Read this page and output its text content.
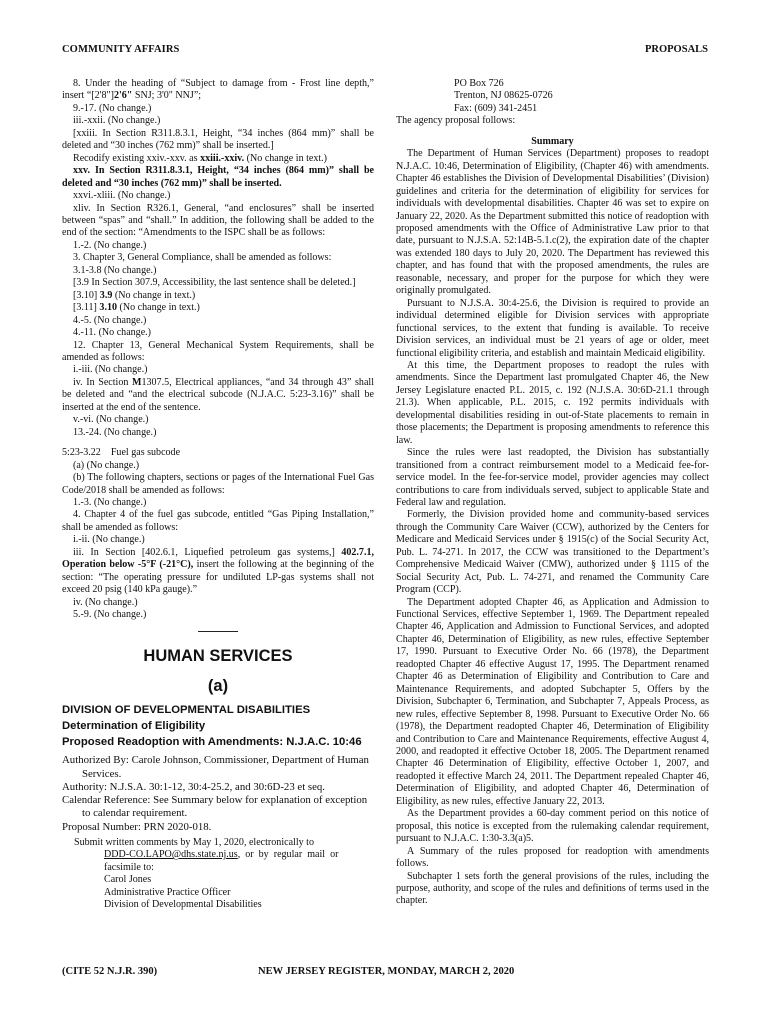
COMMUNITY AFFAIRS	PROPOSALS

8. Under the heading of “Subject to damage from - Frost line depth,” insert “[2'8"]2'6" SNJ; 3'0" NNJ”;

9.-17. (No change.)

iii.-xxii. (No change.)

[xxiii. In Section R311.8.3.1, Height, “34 inches (864 mm)” shall be deleted and “30 inches (762 mm)” shall be inserted.]

Recodify existing xxiv.-xxv. as xxiii.-xxiv. (No change in text.)

xxv. In Section R311.8.3.1, Height, “34 inches (864 mm)” shall be deleted and “30 inches (762 mm)” shall be inserted.

xxvi.-xliii. (No change.)

xliv. In Section R326.1, General, “and enclosures” shall be inserted between “spas” and “shall.” In addition, the following shall be added to the end of the section: “Amendments to the ISPC shall be as follows:

1.-2. (No change.)

3. Chapter 3, General Compliance, shall be amended as follows:

3.1-3.8 (No change.)

[3.9 In Section 307.9, Accessibility, the last sentence shall be deleted.]

[3.10] 3.9 (No change in text.)

[3.11] 3.10 (No change in text.)

4.-5. (No change.)

4.-11. (No change.)

12. Chapter 13, General Mechanical System Requirements, shall be amended as follows:

i.-iii. (No change.)

iv. In Section M1307.5, Electrical appliances, “and 34 through 43” shall be deleted and “and the electrical subcode (N.J.A.C. 5:23-3.16)” shall be inserted at the end of the sentence.

v.-vi. (No change.)

13.-24. (No change.)

5:23-3.22    Fuel gas subcode

(a) (No change.)

(b) The following chapters, sections or pages of the International Fuel Gas Code/2018 shall be amended as follows:

1.-3. (No change.)

4. Chapter 4 of the fuel gas subcode, entitled “Gas Piping Installation,” shall be amended as follows:

i.-ii. (No change.)

iii. In Section [402.6.1, Liquefied petroleum gas systems,] 402.7.1, Operation below -5°F (-21°C), insert the following at the beginning of the section: “The operating pressure for undiluted LP-gas systems shall not exceed 20 psig (140 kPa gauge).”

iv. (No change.)

5.-9. (No change.)

HUMAN SERVICES
(a)

DIVISION OF DEVELOPMENTAL DISABILITIES

Determination of Eligibility

Proposed Readoption with Amendments: N.J.A.C. 10:46

Authorized By: Carole Johnson, Commissioner, Department of Human Services.

Authority: N.J.S.A. 30:1-12, 30:4-25.2, and 30:6D-23 et seq.

Calendar Reference: See Summary below for explanation of exception to calendar requirement.

Proposal Number: PRN 2020-018.

Submit written comments by May 1, 2020, electronically to

DDD-CO.LAPO@dhs.state.nj.us,  or  by  regular  mail  or

facsimile to:

Carol Jones

Administrative Practice Officer

Division of Developmental Disabilities

PO Box 726

Trenton, NJ 08625-0726

Fax: (609) 341-2451

The agency proposal follows:

Summary

The Department of Human Services (Department) proposes to readopt N.J.A.C. 10:46, Determination of Eligibility, (Chapter 46) with amendments. Chapter 46 establishes the Division of Developmental Disabilities’ (Division) guidelines and criteria for the determination of eligibility for services for individuals with developmental disabilities. Chapter 46 was set to expire on January 22, 2020. As the Department submitted this notice of readoption with proposed amendments with the Office of Administrative Law prior to that date, pursuant to N.J.S.A. 52:14B-5.1.c(2), the expiration date of the chapter was extended 180 days to July 20, 2020. The Department has reviewed this chapter, and has found that with the proposed amendments, the rules are reasonable, necessary, and proper for the purpose for which they were originally promulgated.

Pursuant to N.J.S.A. 30:4-25.6, the Division is required to provide an individual determined eligible for Division services with appropriate functional services, to the extent that funding is available. To receive Division services, an individual must be 21 years of age or older, meet functional eligibility criteria, and establish and maintain Medicaid eligibility.

At this time, the Department proposes to readopt the rules with amendments. Since the Department last promulgated Chapter 46, the New Jersey Legislature enacted P.L. 2015, c. 192 (N.J.S.A. 30:6D-21.1 through 21.3). When applicable, P.L. 2015, c. 192 permits individuals with developmental disabilities residing in out-of-State placements to remain in those placements; the Department is proposing amendments to reference this law.

Since the rules were last readopted, the Division has substantially transitioned from a contract reimbursement model to a Medicaid fee-for-service model. In the fee-for-service model, provider agencies may collect contributions to care from individuals served, subject to applicable State and Federal law and regulation.

Formerly, the Division provided home and community-based services through the Community Care Waiver (CCW), authorized by the Centers for Medicare and Medicaid Services under § 1915(c) of the Social Security Act, Pub. L. 74-271. In 2017, the CCW was transitioned to the Department’s Comprehensive Medicaid Waiver (CMW), authorized under § 1115 of the Social Security Act, Pub. L. 74-271, and renamed the Community Care Program (CCP).

The Department adopted Chapter 46, as Application and Admission to Functional Services, effective September 1, 1969. The Department repealed Chapter 46, Application and Admission to Functional Services, and adopted Chapter 46, Determination of Eligibility, as new rules, effective September 17, 1990. Pursuant to Executive Order No. 66 (1978), the Department readopted Chapter 46 effective August 17, 1995. The Department renamed Chapter 46 as Determination of Eligibility and Contribution to Care and Maintenance Requirements, and adopted Subchapter 5, Offers by the Division, Subchapter 6, Termination, and Subchapter 7, Appeals Process, as new rules, effective September 8, 1998. Pursuant to Executive Order No. 66 (1978), the Department readopted Chapter 46, Determination of Eligibility and Contribution to Care and Maintenance Requirements, effective August 4, 2000, and readopted it effective October 18, 2005. The Department renamed Chapter 46 Determination of Eligibility, effective October 1, 2007, and readopted it effective March 24, 2011. The Department repealed Chapter 46, Determination of Eligibility, and adopted Chapter 46, Determination of Eligibility, as new rules, effective January 22, 2013.

As the Department provides a 60-day comment period on this notice of proposal, this notice is excepted from the rulemaking calendar requirement, pursuant to N.J.A.C. 1:30-3.3(a)5.

A Summary of the rules proposed for readoption with amendments follows.

Subchapter 1 sets forth the general provisions of the rules, including the purpose, authority, and scope of the rules and definitions of terms used in the chapter.

(CITE 52 N.J.R. 390)	NEW JERSEY REGISTER, MONDAY, MARCH 2, 2020
